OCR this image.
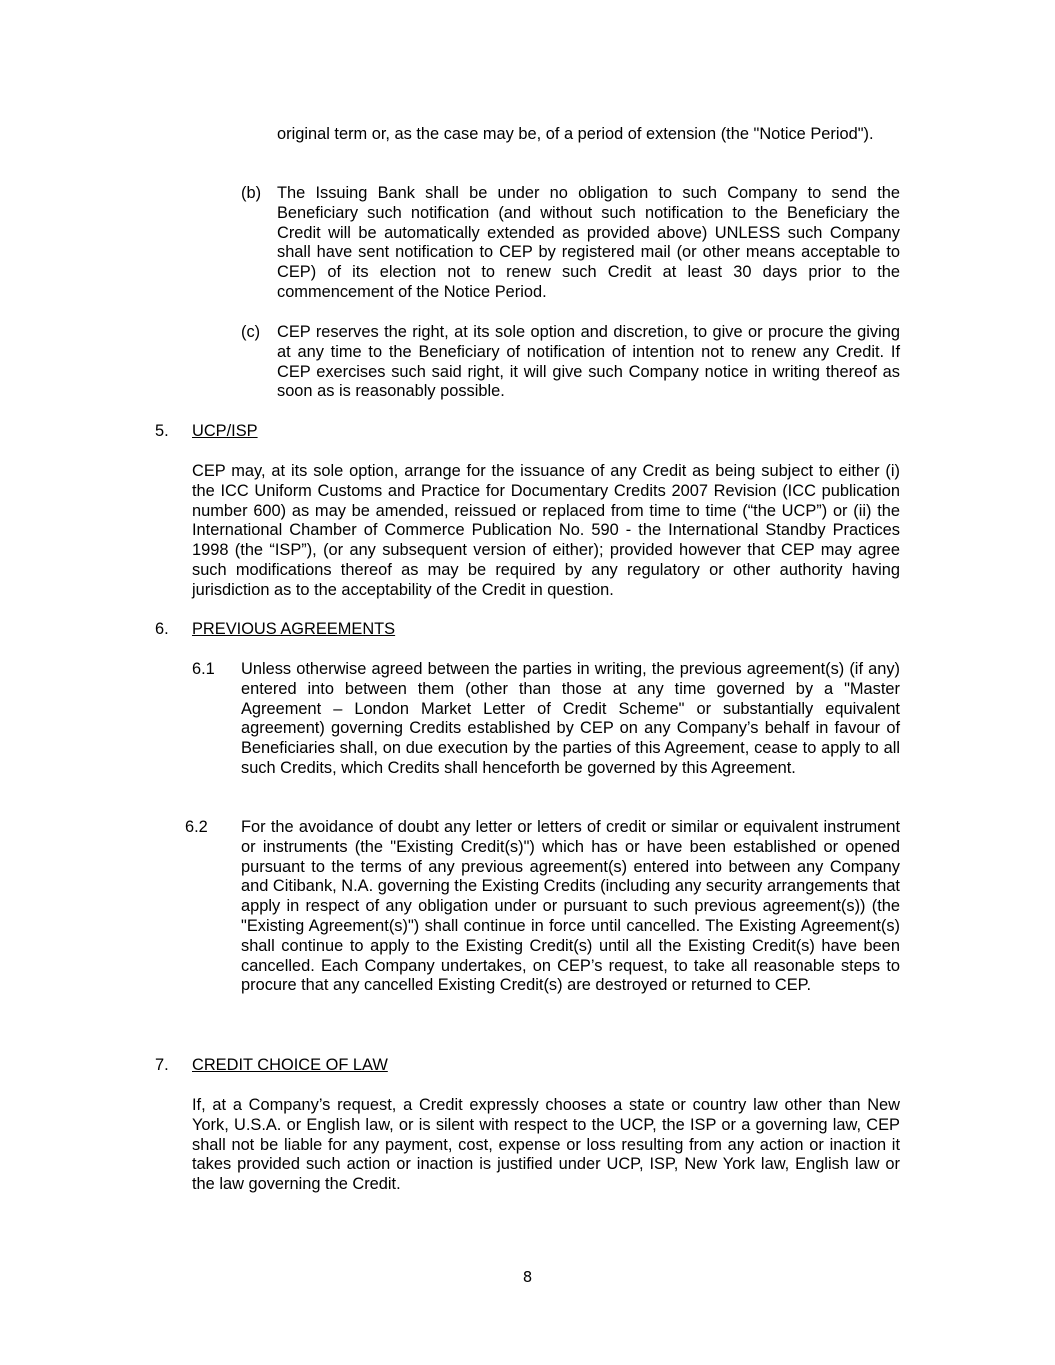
original term or, as the case may be, of a period of extension (the "Notice Period").

(b) The Issuing Bank shall be under no obligation to such Company to send the Beneficiary such notification (and without such notification to the Beneficiary the Credit will be automatically extended as provided above) UNLESS such Company shall have sent notification to CEP by registered mail (or other means acceptable to CEP) of its election not to renew such Credit at least 30 days prior to the commencement of the Notice Period.

(c) CEP reserves the right, at its sole option and discretion, to give or procure the giving at any time to the Beneficiary of notification of intention not to renew any Credit. If CEP exercises such said right, it will give such Company notice in writing thereof as soon as is reasonably possible.

5. UCP/ISP

CEP may, at its sole option, arrange for the issuance of any Credit as being subject to either (i) the ICC Uniform Customs and Practice for Documentary Credits 2007 Revision (ICC publication number 600) as may be amended, reissued or replaced from time to time (“the UCP”) or (ii) the International Chamber of Commerce Publication No. 590 - the International Standby Practices 1998 (the “ISP”), (or any subsequent version of either); provided however that CEP may agree such modifications thereof as may be required by any regulatory or other authority having jurisdiction as to the acceptability of the Credit in question.

6. PREVIOUS AGREEMENTS
6.1 Unless otherwise agreed between the parties in writing, the previous agreement(s) (if any) entered into between them (other than those at any time governed by a "Master Agreement – London Market Letter of Credit Scheme" or substantially equivalent agreement) governing Credits established by CEP on any Company’s behalf in favour of Beneficiaries shall, on due execution by the parties of this Agreement, cease to apply to all such Credits, which Credits shall henceforth be governed by this Agreement.

6.2 For the avoidance of doubt any letter or letters of credit or similar or equivalent instrument or instruments (the "Existing Credit(s)") which has or have been established or opened pursuant to the terms of any previous agreement(s) entered into between any Company and Citibank, N.A. governing the Existing Credits (including any security arrangements that apply in respect of any obligation under or pursuant to such previous agreement(s)) (the "Existing Agreement(s)") shall continue in force until cancelled. The Existing Agreement(s) shall continue to apply to the Existing Credit(s) until all the Existing Credit(s) have been cancelled. Each Company undertakes, on CEP’s request, to take all reasonable steps to procure that any cancelled Existing Credit(s) are destroyed or returned to CEP.

7. CREDIT CHOICE OF LAW

If, at a Company’s request, a Credit expressly chooses a state or country law other than New York, U.S.A. or English law, or is silent with respect to the UCP, the ISP or a governing law, CEP shall not be liable for any payment, cost, expense or loss resulting from any action or inaction it takes provided such action or inaction is justified under UCP, ISP, New York law, English law or the law governing the Credit.

8
